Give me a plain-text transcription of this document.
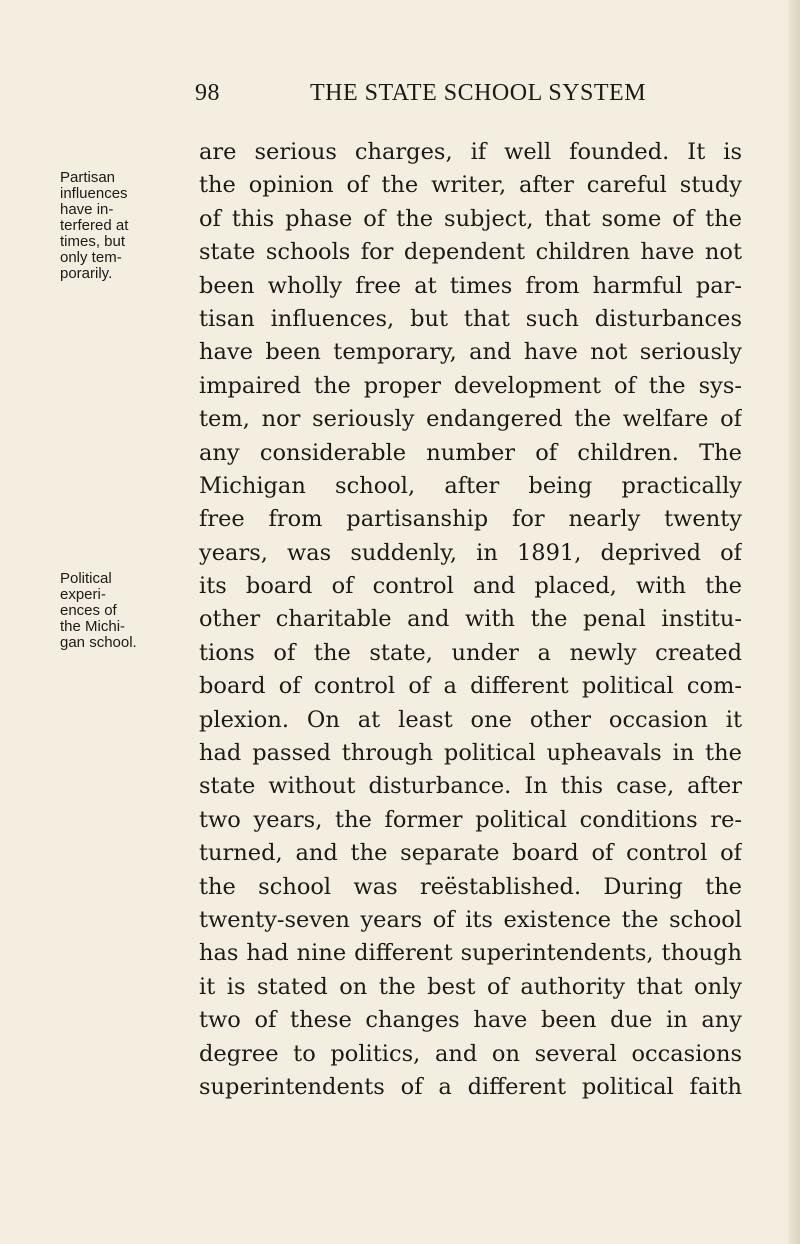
98	THE STATE SCHOOL SYSTEM
Partisan
influences
have in-
terfered at
times, but
only tem-
porarily.
Political
experi-
ences of
the Michi-
gan school.
are serious charges, if well founded. It is
the opinion of the writer, after careful study
of this phase of the subject, that some of the
state schools for dependent children have not
been wholly free at times from harmful par-
tisan influences, but that such disturbances
have been temporary, and have not seriously
impaired the proper development of the sys-
tem, nor seriously endangered the welfare of
any considerable number of children. The
Michigan school, after being practically
free from partisanship for nearly twenty
years, was suddenly, in 1891, deprived of
its board of control and placed, with the
other charitable and with the penal institu-
tions of the state, under a newly created
board of control of a different political com-
plexion. On at least one other occasion it
had passed through political upheavals in the
state without disturbance. In this case, after
two years, the former political conditions re-
turned, and the separate board of control of
the school was reëstablished. During the
twenty-seven years of its existence the school
has had nine different superintendents, though
it is stated on the best of authority that only
two of these changes have been due in any
degree to politics, and on several occasions
superintendents of a different political faith
